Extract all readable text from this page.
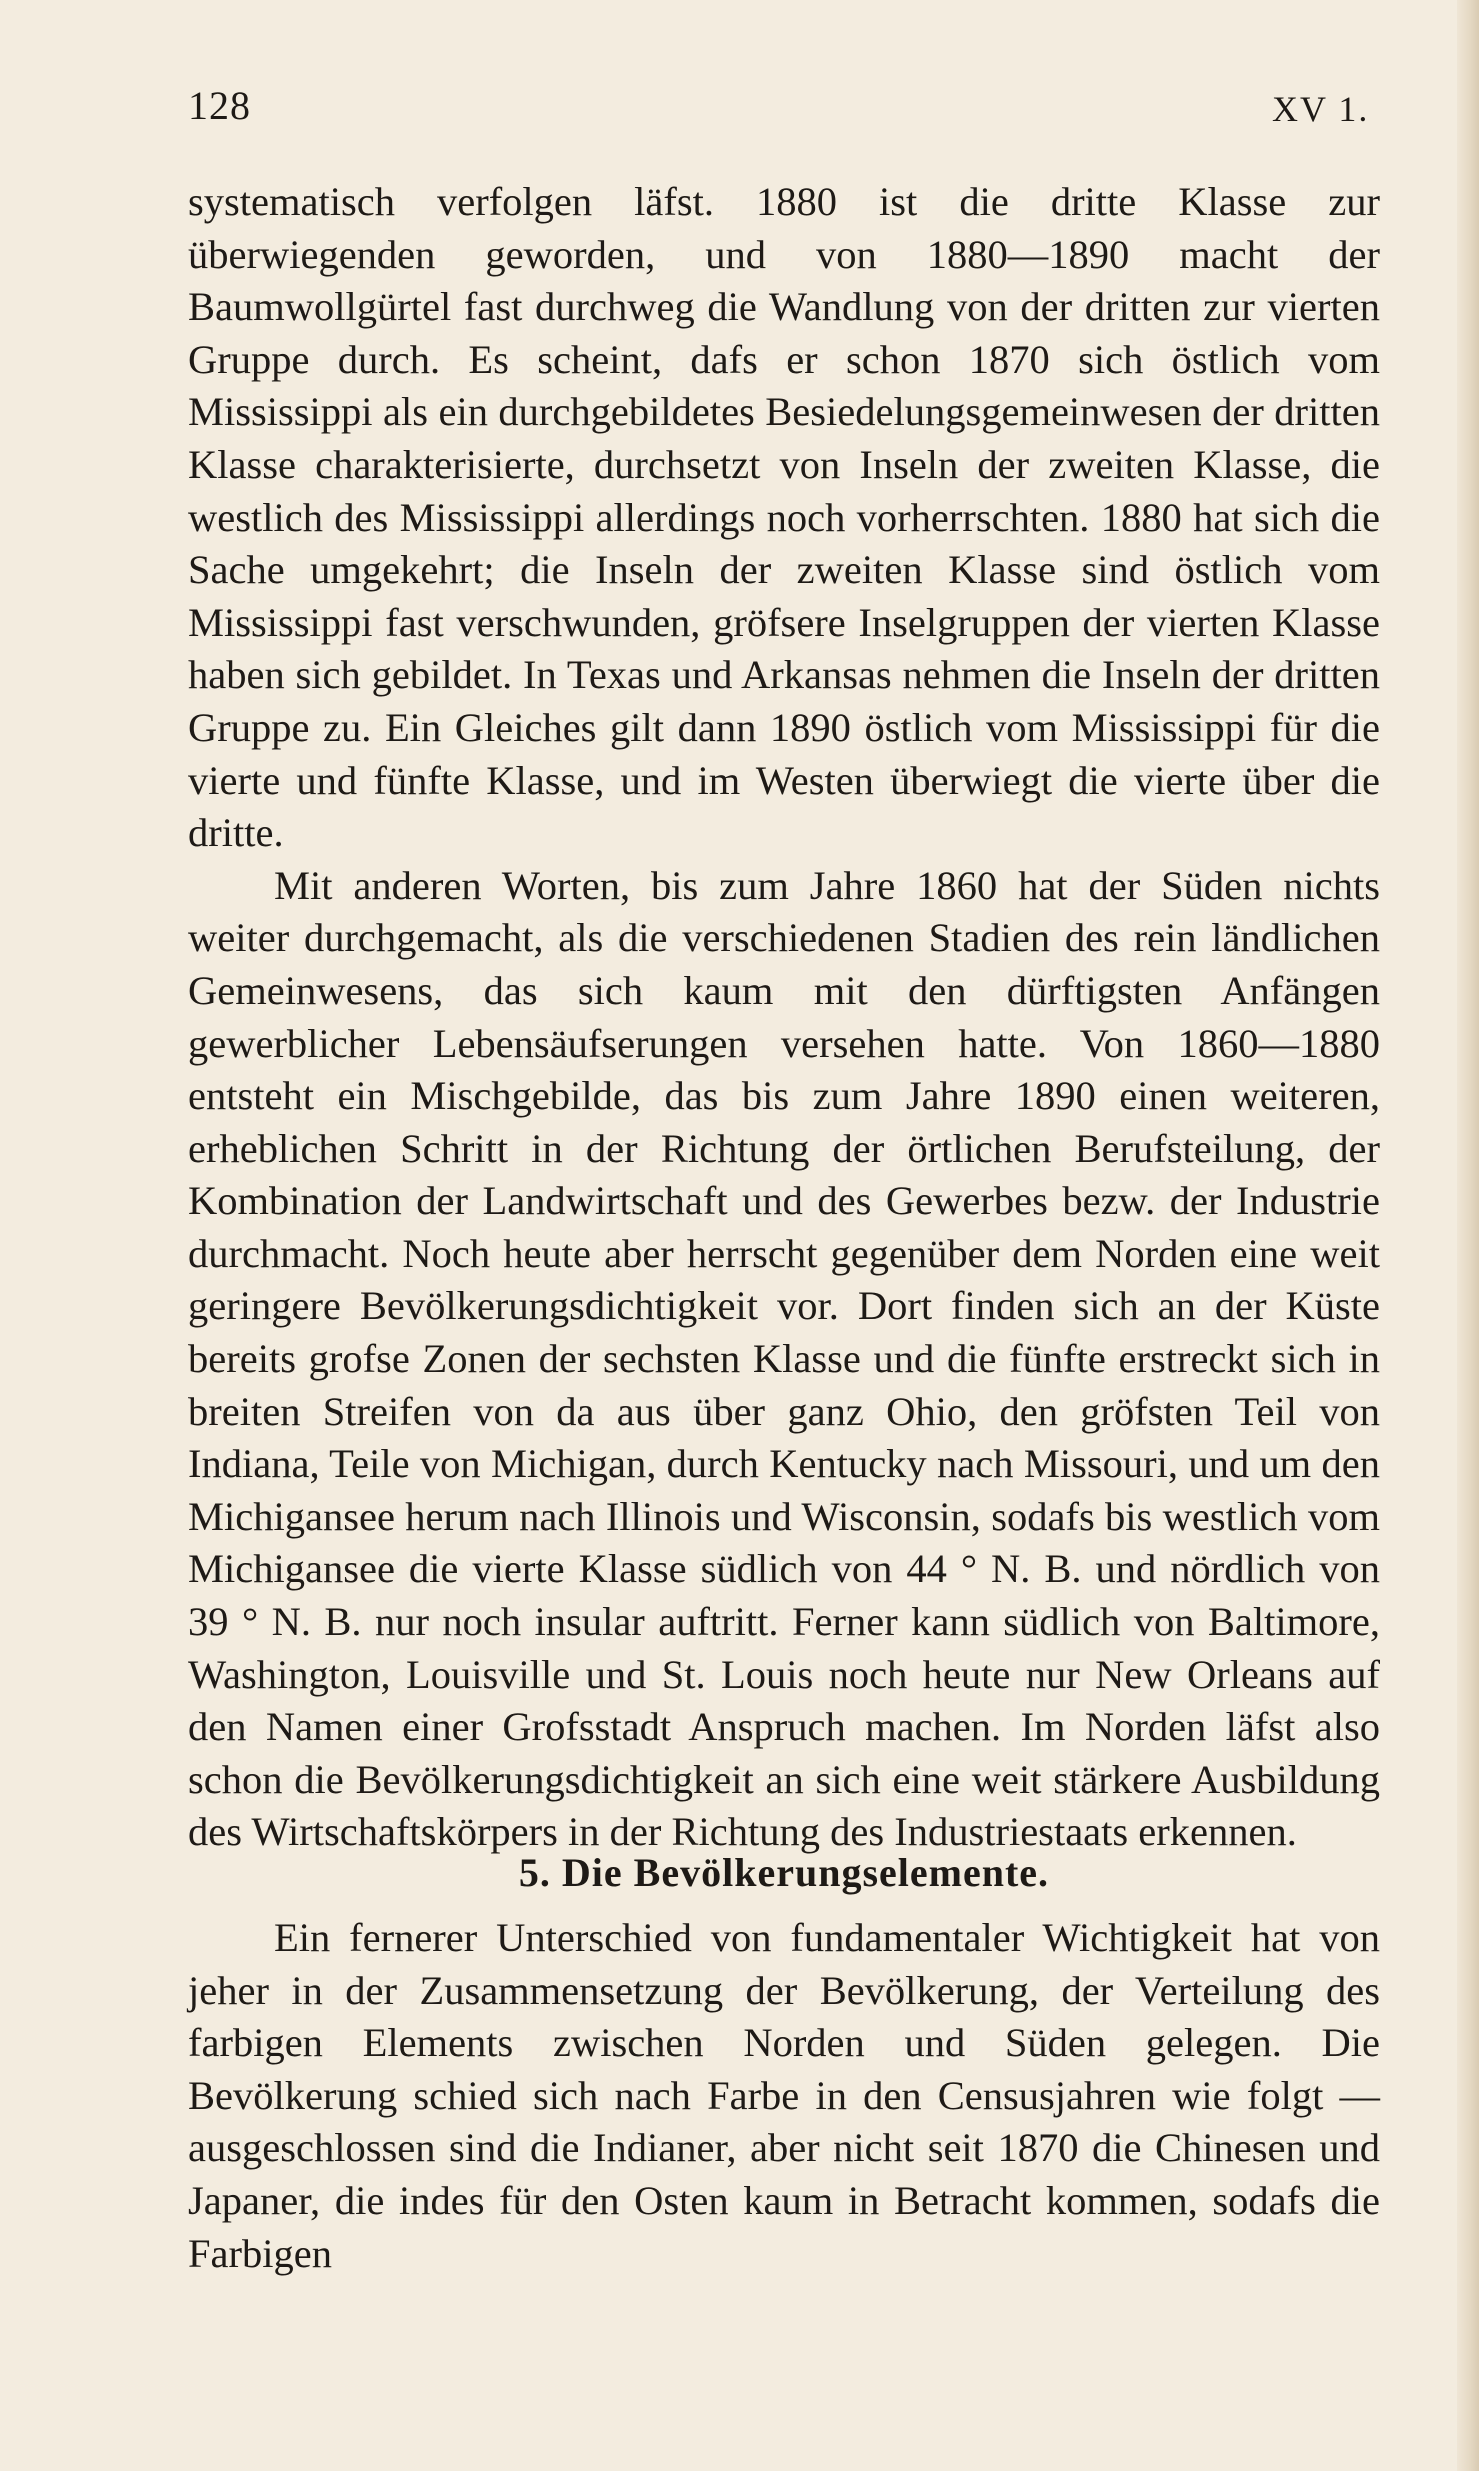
128	XV 1.

systematisch verfolgen läfst. 1880 ist die dritte Klasse zur überwiegenden geworden, und von 1880—1890 macht der Baumwollgürtel fast durchweg die Wandlung von der dritten zur vierten Gruppe durch. Es scheint, dafs er schon 1870 sich östlich vom Mississippi als ein durchgebildetes Besiedelungsgemeinwesen der dritten Klasse charakterisierte, durchsetzt von Inseln der zweiten Klasse, die westlich des Mississippi allerdings noch vorherrschten. 1880 hat sich die Sache umgekehrt; die Inseln der zweiten Klasse sind östlich vom Mississippi fast verschwunden, gröfsere Inselgruppen der vierten Klasse haben sich gebildet. In Texas und Arkansas nehmen die Inseln der dritten Gruppe zu. Ein Gleiches gilt dann 1890 östlich vom Mississippi für die vierte und fünfte Klasse, und im Westen überwiegt die vierte über die dritte.

Mit anderen Worten, bis zum Jahre 1860 hat der Süden nichts weiter durchgemacht, als die verschiedenen Stadien des rein ländlichen Gemeinwesens, das sich kaum mit den dürftigsten Anfängen gewerblicher Lebensäufserungen versehen hatte. Von 1860—1880 entsteht ein Mischgebilde, das bis zum Jahre 1890 einen weiteren, erheblichen Schritt in der Richtung der örtlichen Berufsteilung, der Kombination der Landwirtschaft und des Gewerbes bezw. der Industrie durchmacht. Noch heute aber herrscht gegenüber dem Norden eine weit geringere Bevölkerungsdichtigkeit vor. Dort finden sich an der Küste bereits grofse Zonen der sechsten Klasse und die fünfte erstreckt sich in breiten Streifen von da aus über ganz Ohio, den gröfsten Teil von Indiana, Teile von Michigan, durch Kentucky nach Missouri, und um den Michigansee herum nach Illinois und Wisconsin, sodafs bis westlich vom Michigansee die vierte Klasse südlich von 44 ° N. B. und nördlich von 39 ° N. B. nur noch insular auftritt. Ferner kann südlich von Baltimore, Washington, Louisville und St. Louis noch heute nur New Orleans auf den Namen einer Grofsstadt Anspruch machen. Im Norden läfst also schon die Bevölkerungsdichtigkeit an sich eine weit stärkere Ausbildung des Wirtschaftskörpers in der Richtung des Industriestaats erkennen.

5. Die Bevölkerungselemente.

Ein fernerer Unterschied von fundamentaler Wichtigkeit hat von jeher in der Zusammensetzung der Bevölkerung, der Verteilung des farbigen Elements zwischen Norden und Süden gelegen. Die Bevölkerung schied sich nach Farbe in den Censusjahren wie folgt — ausgeschlossen sind die Indianer, aber nicht seit 1870 die Chinesen und Japaner, die indes für den Osten kaum in Betracht kommen, sodafs die Farbigen
